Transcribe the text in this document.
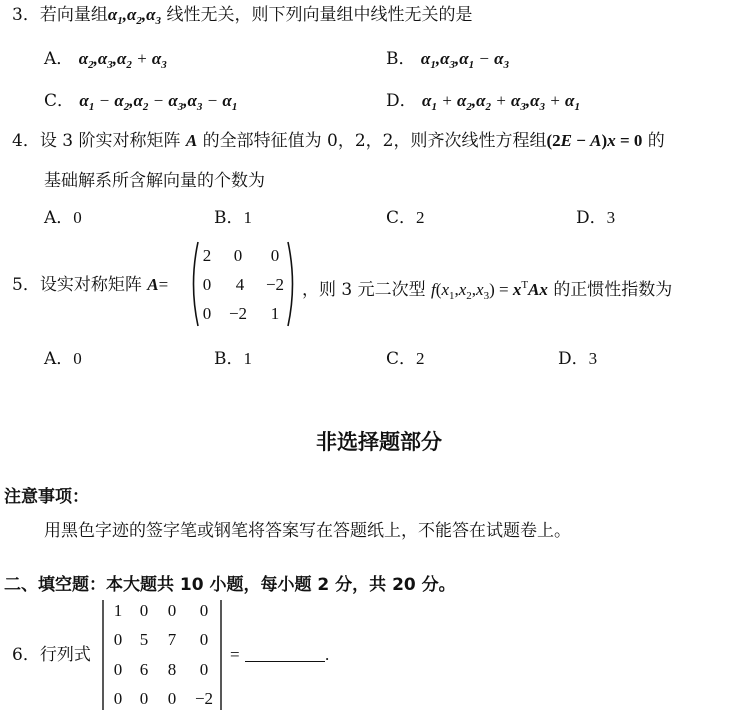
3．若向量组$\alpha_1,\alpha_2,\alpha_3$ 线性无关，则下列向量组中线性无关的是
A． $\alpha_2,\alpha_3,\alpha_2 + \alpha_3$	B． $\alpha_1,\alpha_3,\alpha_1 - \alpha_3$
C． $\alpha_1 - \alpha_2,\alpha_2 - \alpha_3,\alpha_3 - \alpha_1$	D． $\alpha_1 + \alpha_2,\alpha_2 + \alpha_3,\alpha_3 + \alpha_1$
4．设 3 阶实对称矩阵 A 的全部特征值为 0，2，2，则齐次线性方程组(2E − A)x = 0 的
基础解系所含解向量的个数为
A．0	B．1	C．2	D．3
5．设实对称矩阵 A=
2	0	0
0	4	−2
0	−2	1
，则 3 元二次型 $f(x_1,x_2,x_3) = x^TAx$ 的正惯性指数为
A．0	B．1	C．2	D．3
非选择题部分
注意事项：
用黑色字迹的签字笔或钢笔将答案写在答题纸上，不能答在试题卷上。
二、填空题：本大题共 10 小题，每小题 2 分，共 20 分。
6．行列式
1	0	0	0
0	5	7	0
0	6	8	0
0	0	0	−2
=	.
